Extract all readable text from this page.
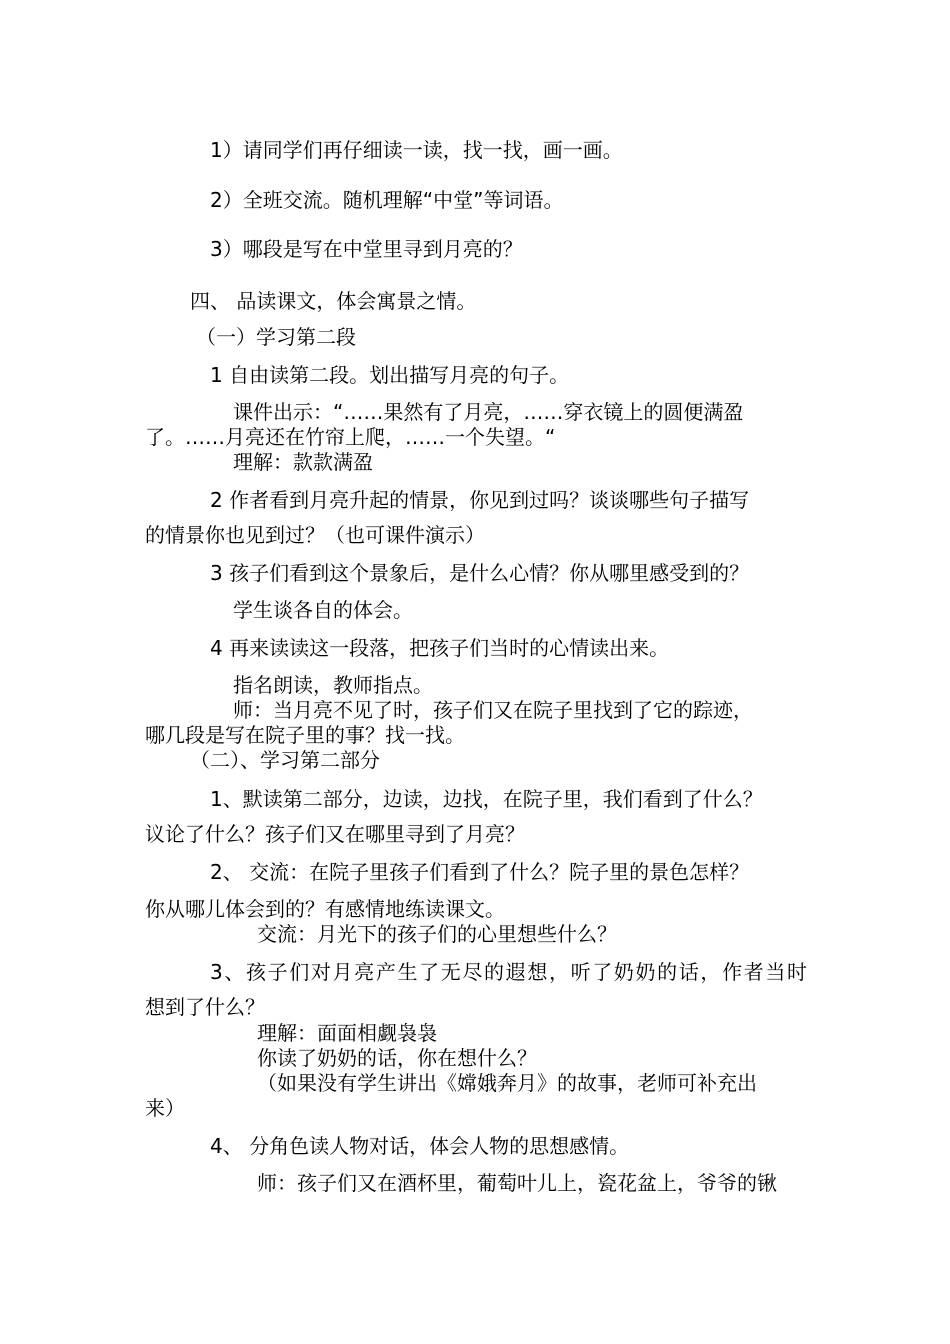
1）请同学们再仔细读一读，找一找，画一画。
2）全班交流。随机理解“中堂”等词语。
3）哪段是写在中堂里寻到月亮的？
四、 品读课文，体会寓景之情。
（一）学习第二段
1 自由读第二段。划出描写月亮的句子。
课件出示：“……果然有了月亮，……穿衣镜上的圆便满盈
了。……月亮还在竹帘上爬，……一个失望。“
理解：款款满盈
2 作者看到月亮升起的情景，你见到过吗？谈谈哪些句子描写
的情景你也见到过？（也可课件演示）
3 孩子们看到这个景象后，是什么心情？你从哪里感受到的？
学生谈各自的体会。
4 再来读读这一段落，把孩子们当时的心情读出来。
指名朗读，教师指点。
师：当月亮不见了时，孩子们又在院子里找到了它的踪迹，
哪几段是写在院子里的事？找一找。
（二）、学习第二部分
1、默读第二部分，边读，边找，在院子里，我们看到了什么？
议论了什么？孩子们又在哪里寻到了月亮？
2、 交流：在院子里孩子们看到了什么？院子里的景色怎样？
你从哪儿体会到的？有感情地练读课文。
交流：月光下的孩子们的心里想些什么？
3、孩子们对月亮产生了无尽的遐想，听了奶奶的话，作者当时
想到了什么？
理解：面面相觑袅袅
你读了奶奶的话，你在想什么？
（如果没有学生讲出《嫦娥奔月》的故事，老师可补充出
来）
4、 分角色读人物对话，体会人物的思想感情。
师：孩子们又在酒杯里，葡萄叶儿上，瓷花盆上，爷爷的锹
